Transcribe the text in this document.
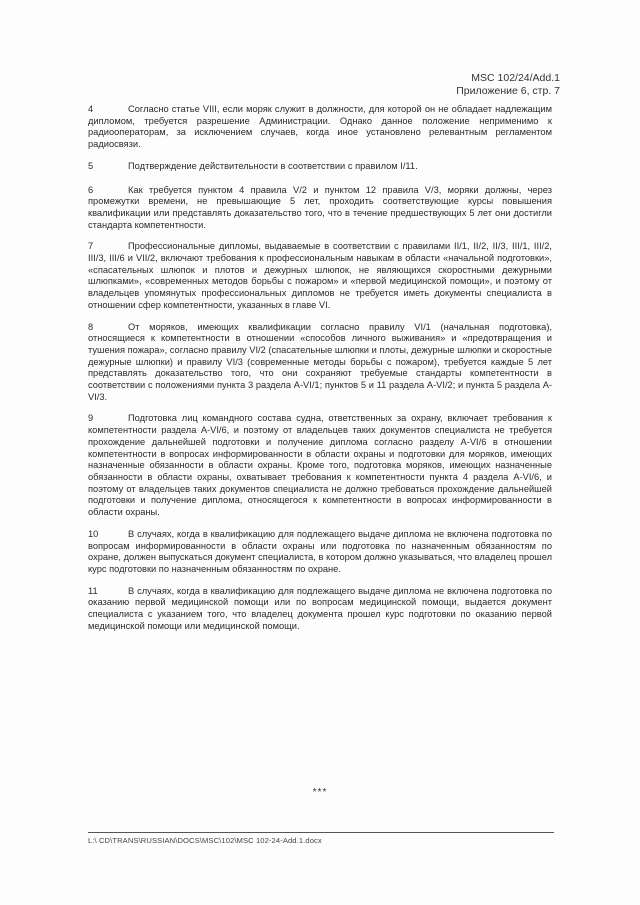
MSC 102/24/Add.1
Приложение 6, стр. 7

4	Согласно статье VIII, если моряк служит в должности, для которой он не обладает надлежащим дипломом, требуется разрешение Администрации. Однако данное положение неприменимо к радиооператорам, за исключением случаев, когда иное установлено релевантным регламентом радиосвязи.

5	Подтверждение действительности в соответствии с правилом I/11.

6	Как требуется пунктом 4 правила V/2 и пунктом 12 правила V/3, моряки должны, через промежутки времени, не превышающие 5 лет, проходить соответствующие курсы повышения квалификации или представлять доказательство того, что в течение предшествующих 5 лет они достигли стандарта компетентности.

7	Профессиональные дипломы, выдаваемые в соответствии с правилами II/1, II/2, II/3, III/1, III/2, III/3, III/6 и VII/2, включают требования к профессиональным навыкам в области «начальной подготовки», «спасательных шлюпок и плотов и дежурных шлюпок, не являющихся скоростными дежурными шлюпками», «современных методов борьбы с пожаром» и «первой медицинской помощи», и поэтому от владельцев упомянутых профессиональных дипломов не требуется иметь документы специалиста в отношении сфер компетентности, указанных в главе VI.

8	От моряков, имеющих квалификации согласно правилу VI/1 (начальная подготовка), относящиеся к компетентности в отношении «способов личного выживания» и «предотвращения и тушения пожара», согласно правилу VI/2 (спасательные шлюпки и плоты, дежурные шлюпки и скоростные дежурные шлюпки) и правилу VI/3 (современные методы борьбы с пожаром), требуется каждые 5 лет представлять доказательство того, что они сохраняют требуемые стандарты компетентности в соответствии с положениями пункта 3 раздела A-VI/1; пунктов 5 и 11 раздела A-VI/2; и пункта 5 раздела A-VI/3.

9	Подготовка лиц командного состава судна, ответственных за охрану, включает требования к компетентности раздела A-VI/6, и поэтому от владельцев таких документов специалиста не требуется прохождение дальнейшей подготовки и получение диплома согласно разделу A-VI/6 в отношении компетентности в вопросах информированности в области охраны и подготовки для моряков, имеющих назначенные обязанности в области охраны. Кроме того, подготовка моряков, имеющих назначенные обязанности в области охраны, охватывает требования к компетентности пункта 4 раздела A-VI/6, и поэтому от владельцев таких документов специалиста не должно требоваться прохождение дальнейшей подготовки и получение диплома, относящегося к компетентности в вопросах информированности в области охраны.

10	В случаях, когда в квалификацию для подлежащего выдаче диплома не включена подготовка по вопросам информированности в области охраны или подготовка по назначенным обязанностям по охране, должен выпускаться документ специалиста, в котором должно указываться, что владелец прошел курс подготовки по назначенным обязанностям по охране.

11	В случаях, когда в квалификацию для подлежащего выдаче диплома не включена подготовка по оказанию первой медицинской помощи или по вопросам медицинской помощи, выдается документ специалиста с указанием того, что владелец документа прошел курс подготовки по оказанию первой медицинской помощи или медицинской помощи.

***
L:\ CD\TRANS\RUSSIAN\DOCS\MSC\102\MSC 102-24-Add.1.docx
